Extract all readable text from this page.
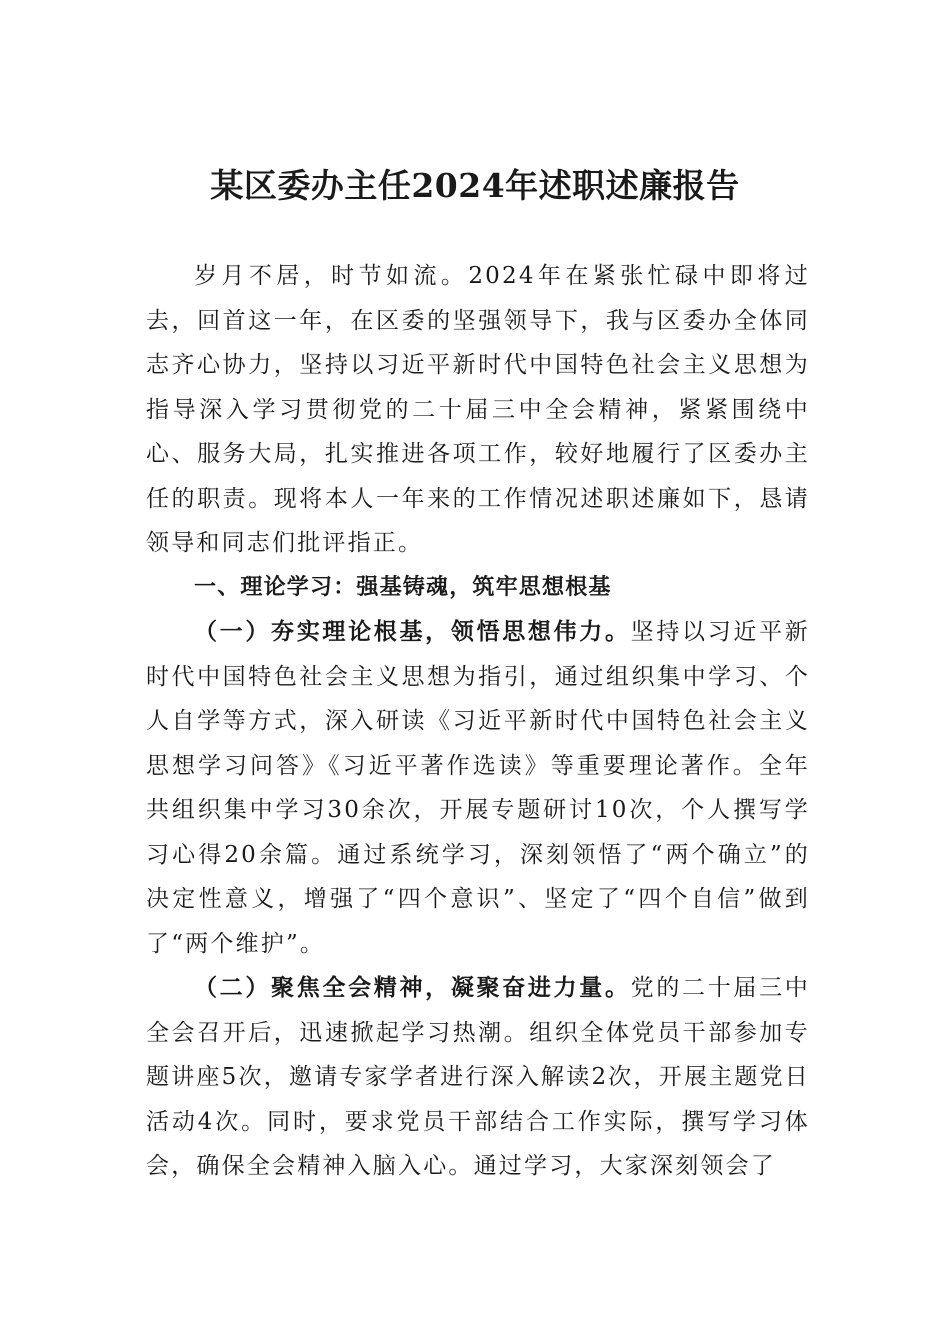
某区委办主任2024年述职述廉报告

岁月不居，时节如流。2024年在紧张忙碌中即将过去，回首这一年，在区委的坚强领导下，我与区委办全体同志齐心协力，坚持以习近平新时代中国特色社会主义思想为指导深入学习贯彻党的二十届三中全会精神，紧紧围绕中心、服务大局，扎实推进各项工作，较好地履行了区委办主任的职责。现将本人一年来的工作情况述职述廉如下，恳请领导和同志们批评指正。

一、理论学习：强基铸魂，筑牢思想根基

（一）夯实理论根基，领悟思想伟力。坚持以习近平新时代中国特色社会主义思想为指引，通过组织集中学习、个人自学等方式，深入研读《习近平新时代中国特色社会主义思想学习问答》《习近平著作选读》等重要理论著作。全年共组织集中学习30余次，开展专题研讨10次，个人撰写学习心得20余篇。通过系统学习，深刻领悟了“两个确立”的决定性意义，增强了“四个意识”、坚定了“四个自信”做到了“两个维护”。

（二）聚焦全会精神，凝聚奋进力量。党的二十届三中全会召开后，迅速掀起学习热潮。组织全体党员干部参加专题讲座5次，邀请专家学者进行深入解读2次，开展主题党日活动4次。同时，要求党员干部结合工作实际，撰写学习体会，确保全会精神入脑入心。通过学习，大家深刻领会了
